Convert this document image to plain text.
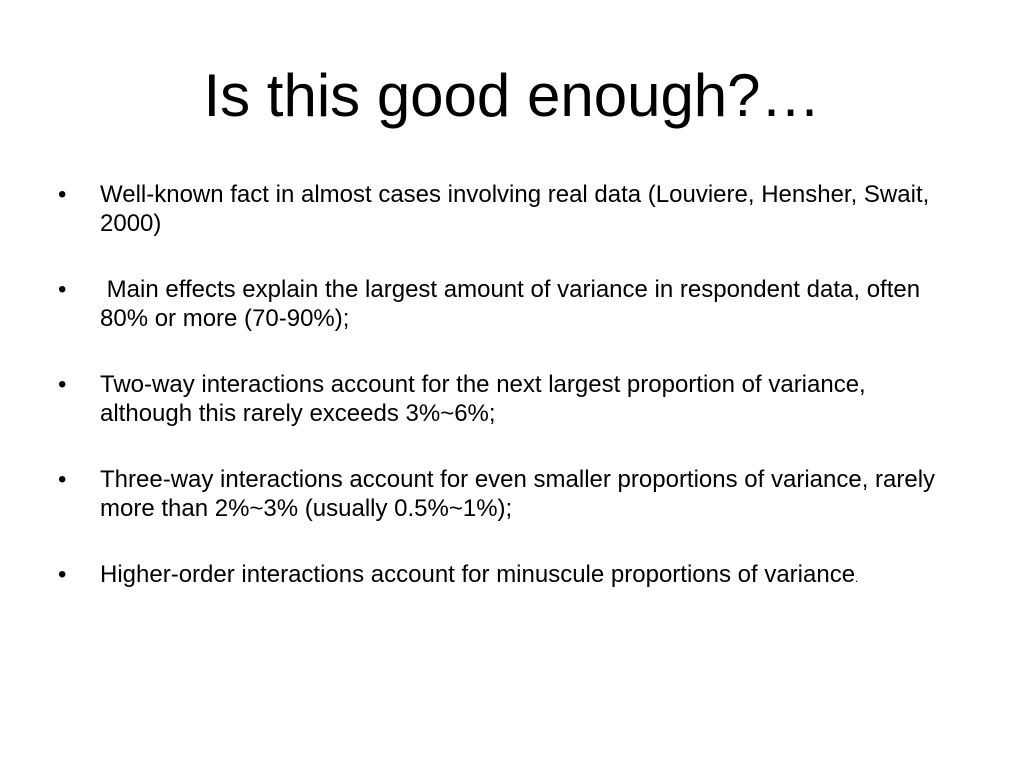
Is this good enough?…
•	Well-known fact in almost cases involving real data (Louviere, Hensher, Swait, 2000)
•	Main effects explain the largest amount of variance in respondent data, often 80% or more (70-90%);
•	Two-way interactions account for the next largest proportion of variance, although this rarely exceeds 3%~6%;
•	Three-way interactions account for even smaller proportions of variance, rarely more than 2%~3% (usually 0.5%~1%);
•	Higher-order interactions account for minuscule proportions of variance.
